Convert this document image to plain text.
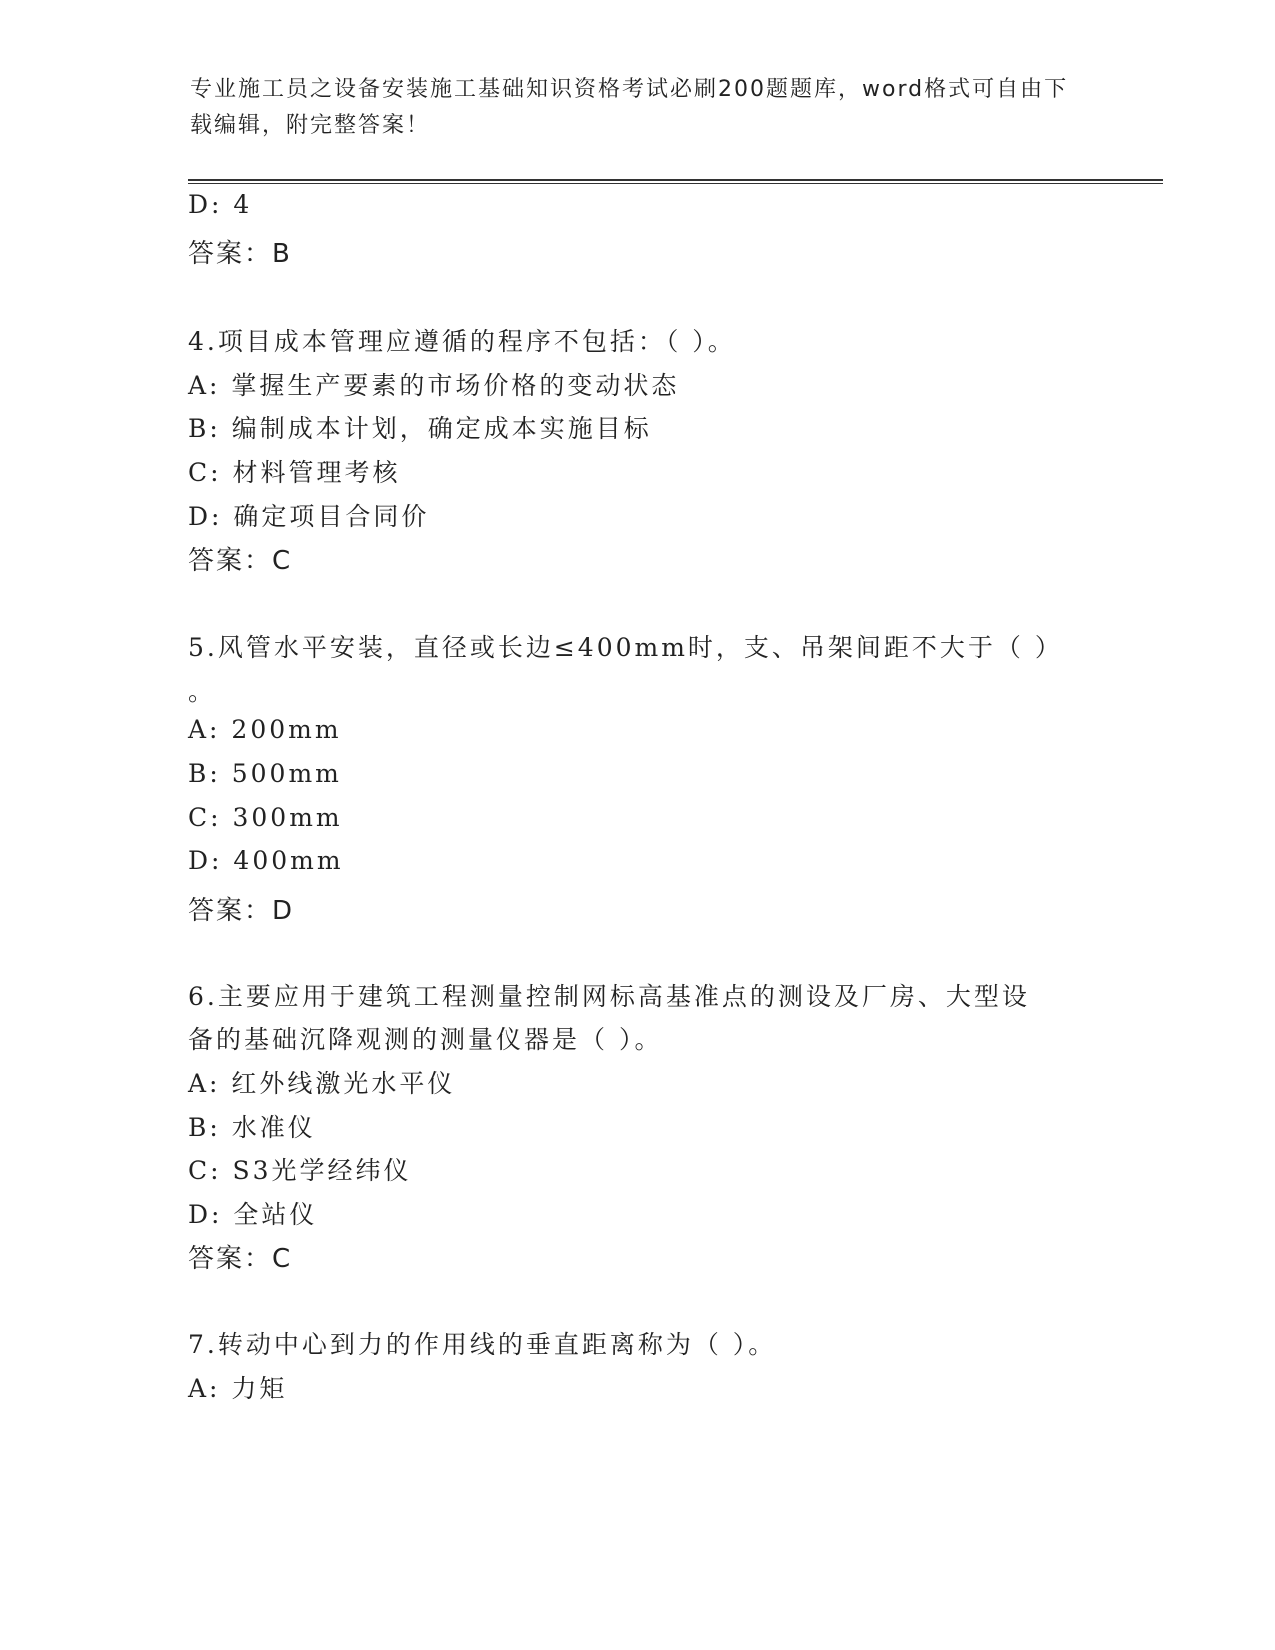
专业施工员之设备安装施工基础知识资格考试必刷200题题库，word格式可自由下载编辑，附完整答案！
D: 4
答案：B
4.项目成本管理应遵循的程序不包括：（ ）。
A: 掌握生产要素的市场价格的变动状态
B: 编制成本计划，确定成本实施目标
C: 材料管理考核
D: 确定项目合同价
答案：C
5.风管水平安装，直径或长边≤400mm时，支、吊架间距不大于（ ）
。
A: 200mm
B: 500mm
C: 300mm
D: 400mm
答案：D
6.主要应用于建筑工程测量控制网标高基准点的测设及厂房、大型设
备的基础沉降观测的测量仪器是（ ）。
A: 红外线激光水平仪
B: 水准仪
C: S3光学经纬仪
D: 全站仪
答案：C
7.转动中心到力的作用线的垂直距离称为（ ）。
A: 力矩
